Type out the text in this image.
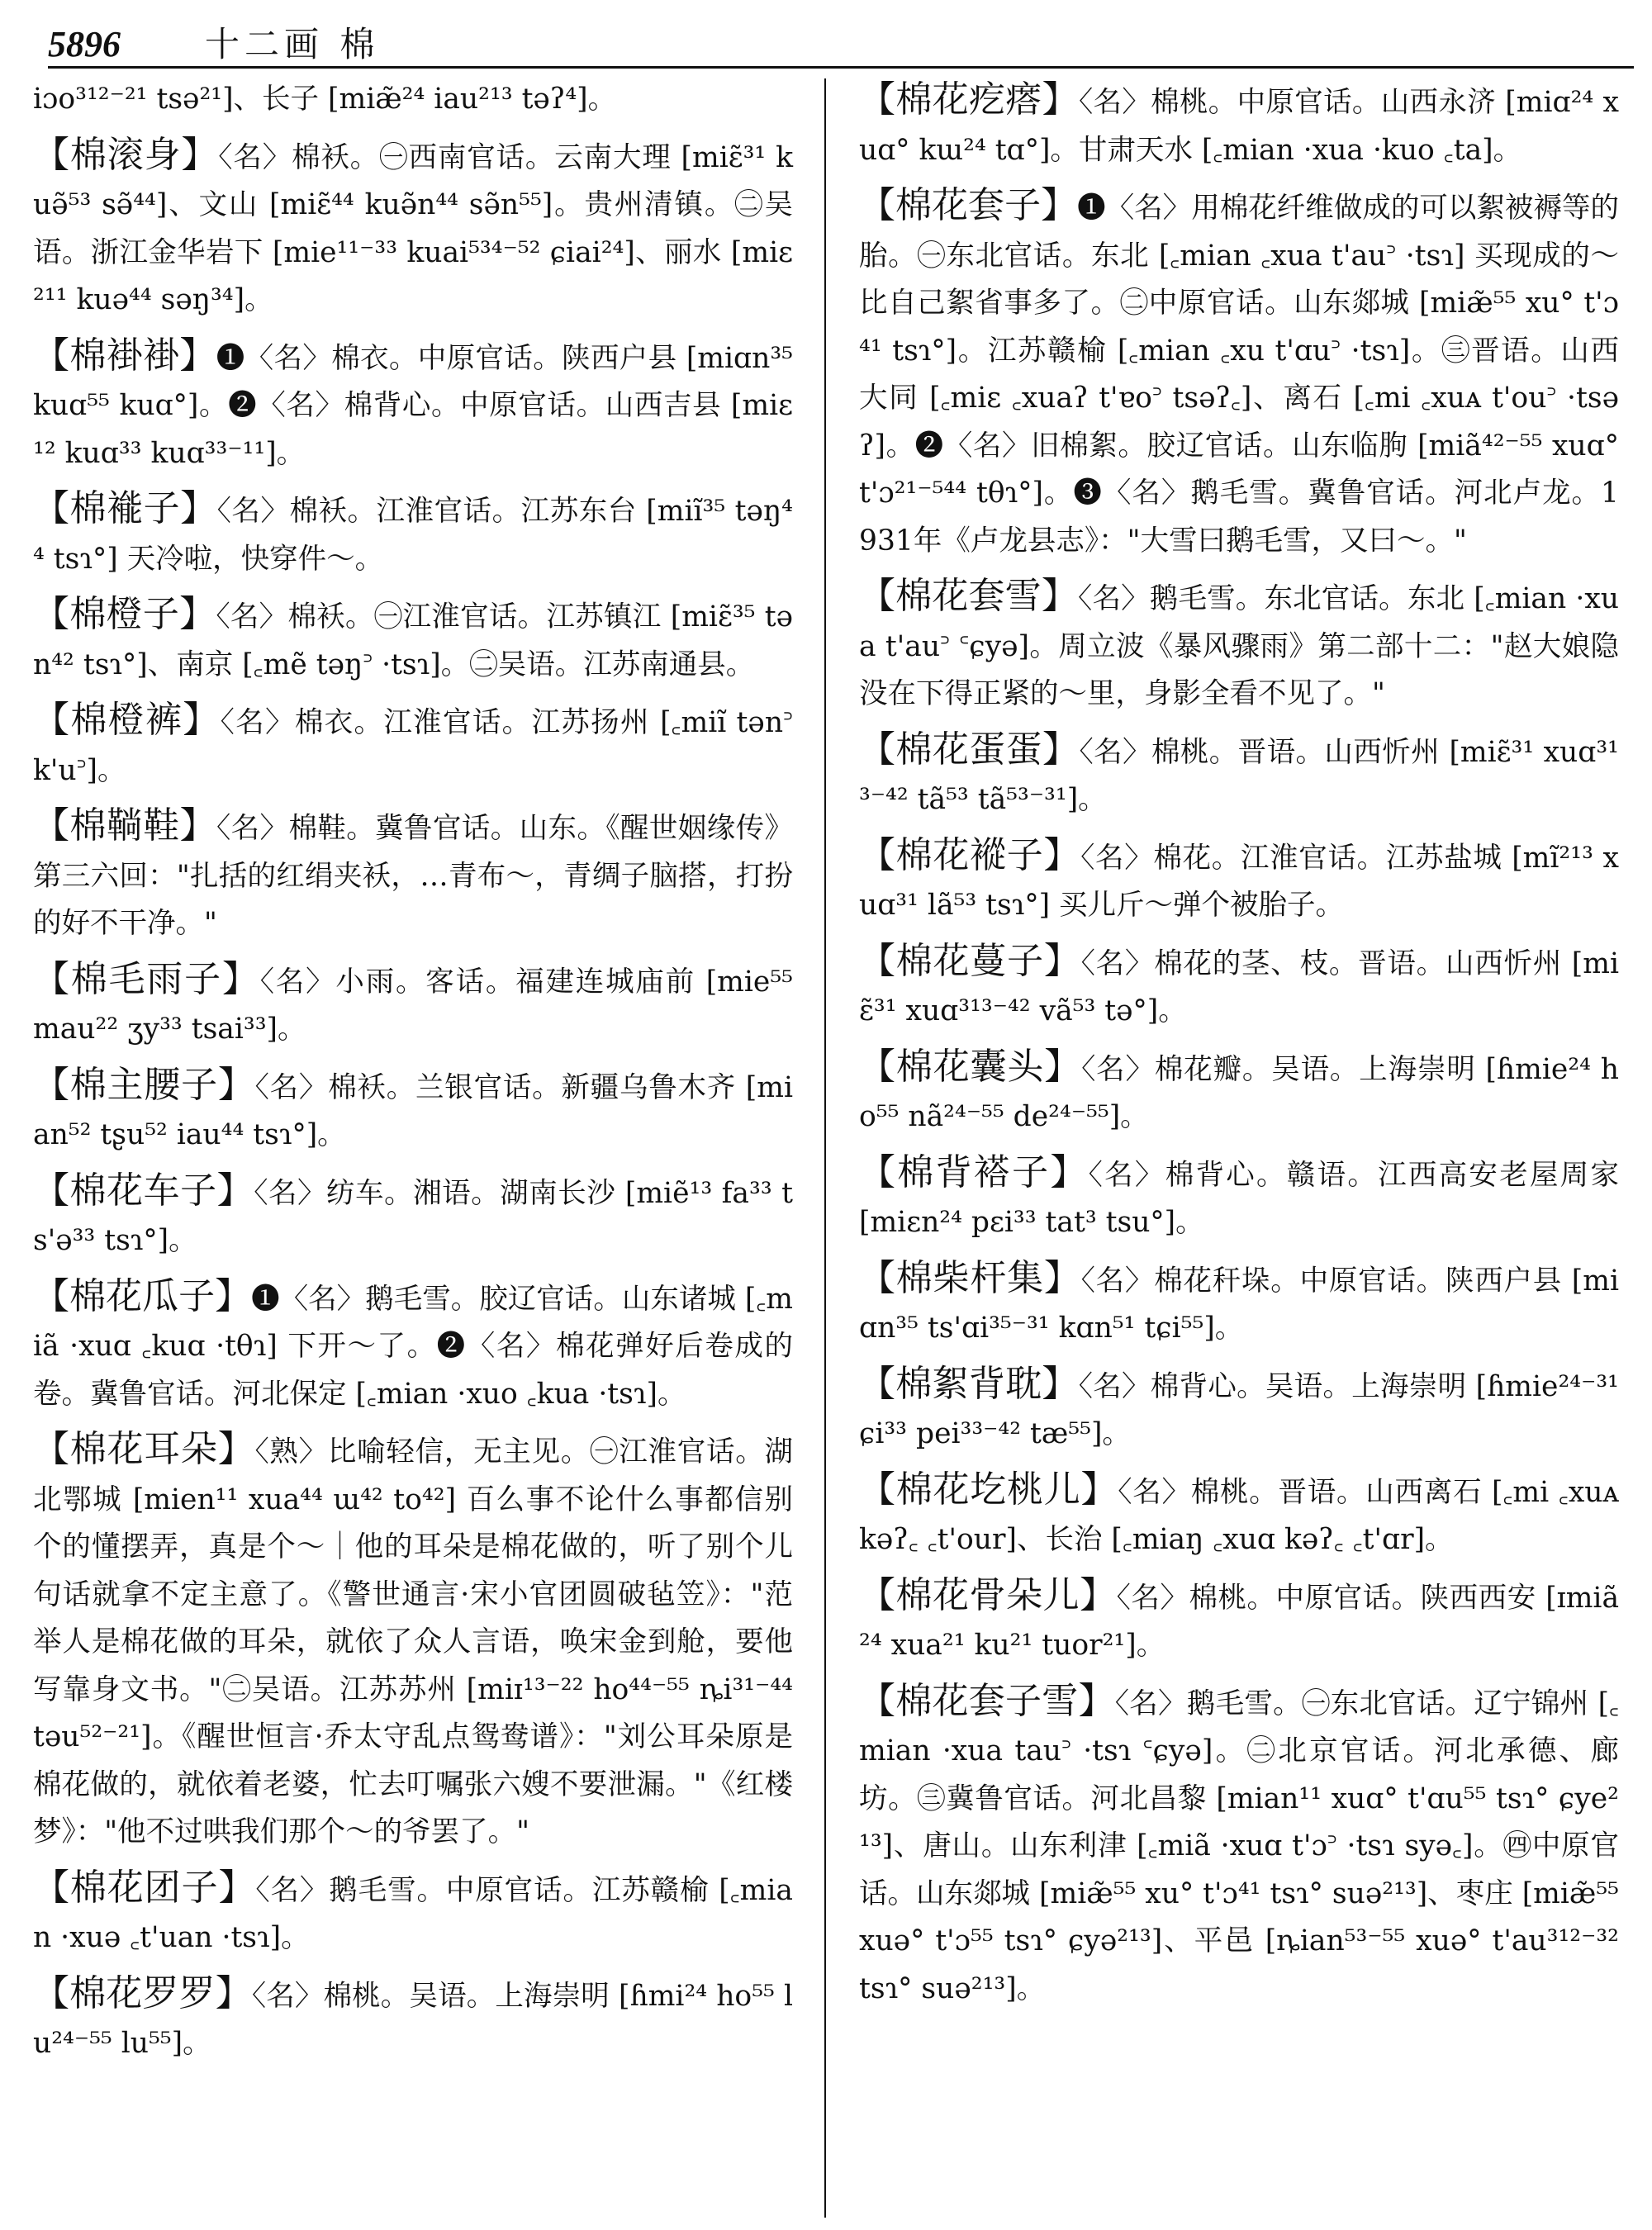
5896 十二画 棉

iɔo³¹²⁻²¹ tsə²¹]、长子 [miæ̃²⁴ iau²¹³ təʔ⁴]。

【棉滚身】〈名〉棉袄。㊀西南官话。云南大理 [miɛ̃³¹ kuə̃⁵³ sə̃⁴⁴]、文山 [miɛ̃⁴⁴ kuə̃n⁴⁴ sə̃n⁵⁵]。贵州清镇。㊁吴语。浙江金华岩下 [mie¹¹⁻³³ kuai⁵³⁴⁻⁵² ɕiai²⁴]、丽水 [miɛ²¹¹ kuə⁴⁴ səŋ³⁴]。

【棉褂褂】❶〈名〉棉衣。中原官话。陕西户县 [miɑn³⁵ kuɑ⁵⁵ kuɑ°]。❷〈名〉棉背心。中原官话。山西吉县 [miɛ¹² kuɑ³³ kuɑ³³⁻¹¹]。

【棉褦子】〈名〉棉袄。江淮官话。江苏东台 [miĩ³⁵ təŋ⁴⁴ tsɿ°] 天冷啦，快穿件～。

【棉橙子】〈名〉棉袄。㊀江淮官话。江苏镇江 [miɛ̃³⁵ tən⁴² tsɿ°]、南京 [꜀mẽ təŋ꜄ ·tsɿ]。㊁吴语。江苏南通县。

【棉橙裤】〈名〉棉衣。江淮官话。江苏扬州 [꜀miĩ tən꜄ k'u꜄]。

【棉鞝鞋】〈名〉棉鞋。冀鲁官话。山东。《醒世姻缘传》第三六回："扎括的红绢夹袄，…青布～，青绸子脑搭，打扮的好不干净。"

【棉毛雨子】〈名〉小雨。客话。福建连城庙前 [mie⁵⁵ mau²² ʒy³³ tsai³³]。

【棉主腰子】〈名〉棉袄。兰银官话。新疆乌鲁木齐 [mian⁵² tʂu⁵² iau⁴⁴ tsɿ°]。

【棉花车子】〈名〉纺车。湘语。湖南长沙 [miẽ¹³ fa³³ ts'ə³³ tsɿ°]。

【棉花瓜子】❶〈名〉鹅毛雪。胶辽官话。山东诸城 [꜀miã ·xuɑ ꜀kuɑ ·tθɿ] 下开～了。❷〈名〉棉花弹好后卷成的卷。冀鲁官话。河北保定 [꜀mian ·xuo ꜀kua ·tsɿ]。

【棉花耳朵】〈熟〉比喻轻信，无主见。㊀江淮官话。湖北鄂城 [mien¹¹ xua⁴⁴ ɯ⁴² to⁴²] 百么事不论什么事都信别个的懂摆弄，真是个～｜他的耳朵是棉花做的，听了别个儿句话就拿不定主意了。《警世通言·宋小官团圆破毡笠》："范举人是棉花做的耳朵，就依了众人言语，唤宋金到舱，要他写靠身文书。"㊁吴语。江苏苏州 [miɪ¹³⁻²² ho⁴⁴⁻⁵⁵ ȵi³¹⁻⁴⁴ təu⁵²⁻²¹]。《醒世恒言·乔太守乱点鸳鸯谱》："刘公耳朵原是棉花做的，就依着老婆，忙去叮嘱张六嫂不要泄漏。"《红楼梦》："他不过哄我们那个～的爷罢了。"

【棉花团子】〈名〉鹅毛雪。中原官话。江苏赣榆 [꜀mian ·xuə ꜀t'uan ·tsɿ]。

【棉花罗罗】〈名〉棉桃。吴语。上海崇明 [ɦmi²⁴ ho⁵⁵ lu²⁴⁻⁵⁵ lu⁵⁵]。

【棉花疙瘩】〈名〉棉桃。中原官话。山西永济 [miɑ²⁴ xuɑ° kɯ²⁴ tɑ°]。甘肃天水 [꜀mian ·xua ·kuo ꜀ta]。

【棉花套子】❶〈名〉用棉花纤维做成的可以絮被褥等的胎。㊀东北官话。东北 [꜀mian ꜀xua t'au꜄ ·tsɿ] 买现成的～比自己絮省事多了。㊁中原官话。山东郯城 [miæ̃⁵⁵ xu° t'ɔ⁴¹ tsɿ°]。江苏赣榆 [꜀mian ꜀xu t'ɑu꜄ ·tsɿ]。㊂晋语。山西大同 [꜀miɛ ꜀xuaʔ t'ɐo꜄ tsəʔ꜀]、离石 [꜀mi ꜀xuᴀ t'ou꜄ ·tsəʔ]。❷〈名〉旧棉絮。胶辽官话。山东临朐 [miã⁴²⁻⁵⁵ xuɑ° t'ɔ²¹⁻⁵⁴⁴ tθɿ°]。❸〈名〉鹅毛雪。冀鲁官话。河北卢龙。1931年《卢龙县志》："大雪曰鹅毛雪，又曰～。"

【棉花套雪】〈名〉鹅毛雪。东北官话。东北 [꜀mian ·xua t'au꜄ ꜂ɕyə]。周立波《暴风骤雨》第二部十二："赵大娘隐没在下得正紧的～里，身影全看不见了。"

【棉花蛋蛋】〈名〉棉桃。晋语。山西忻州 [miɛ̃³¹ xuɑ³¹³⁻⁴² tã⁵³ tã⁵³⁻³¹]。

【棉花䙕子】〈名〉棉花。江淮官话。江苏盐城 [mĩ²¹³ xuɑ³¹ lã⁵³ tsɿ°] 买儿斤～弹个被胎子。

【棉花蔓子】〈名〉棉花的茎、枝。晋语。山西忻州 [miɛ̃³¹ xuɑ³¹³⁻⁴² vã⁵³ tə°]。

【棉花囊头】〈名〉棉花瓣。吴语。上海崇明 [ɦmie²⁴ ho⁵⁵ nã²⁴⁻⁵⁵ de²⁴⁻⁵⁵]。

【棉背褡子】〈名〉棉背心。赣语。江西高安老屋周家 [miɛn²⁴ pɛi³³ tat³ tsu°]。

【棉柴杆集】〈名〉棉花秆垛。中原官话。陕西户县 [miɑn³⁵ ts'ɑi³⁵⁻³¹ kɑn⁵¹ tɕi⁵⁵]。

【棉絮背耽】〈名〉棉背心。吴语。上海崇明 [ɦmie²⁴⁻³¹ ɕi³³ pei³³⁻⁴² tæ⁵⁵]。

【棉花圪桃儿】〈名〉棉桃。晋语。山西离石 [꜀mi ꜀xuᴀ kəʔ꜀ ꜀t'our]、长治 [꜀miaŋ ꜀xuɑ kəʔ꜀ ꜀t'ɑr]。

【棉花骨朵儿】〈名〉棉桃。中原官话。陕西西安 [ɪmiã²⁴ xua²¹ ku²¹ tuor²¹]。

【棉花套子雪】〈名〉鹅毛雪。㊀东北官话。辽宁锦州 [꜀mian ·xua tau꜄ ·tsɿ ꜂ɕyə]。㊁北京官话。河北承德、廊坊。㊂冀鲁官话。河北昌黎 [mian¹¹ xuɑ° t'ɑu⁵⁵ tsɿ° ɕye²¹³]、唐山。山东利津 [꜀miã ·xuɑ t'ɔ꜄ ·tsɿ syə꜀]。㊃中原官话。山东郯城 [miæ̃⁵⁵ xu° t'ɔ⁴¹ tsɿ° suə²¹³]、枣庄 [miæ̃⁵⁵ xuə° t'ɔ⁵⁵ tsɿ° ɕyə²¹³]、平邑 [ȵian⁵³⁻⁵⁵ xuə° t'au³¹²⁻³² tsɿ° suə²¹³]。
